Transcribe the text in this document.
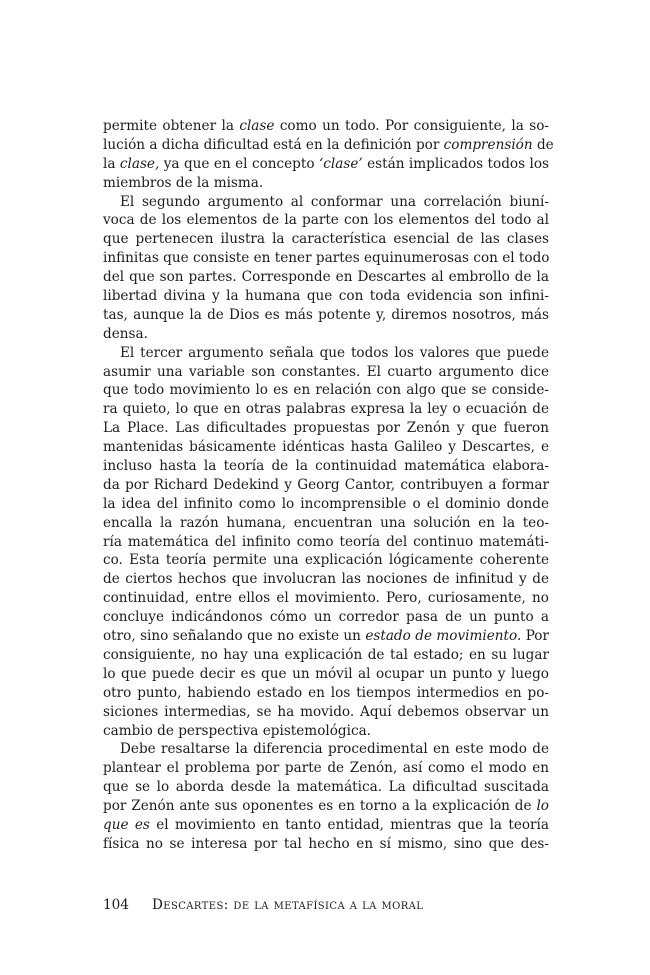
permite obtener la clase como un todo. Por consiguiente, la so-
lución a dicha dificultad está en la definición por comprensión de
la clase, ya que en el concepto ‘clase’ están implicados todos los
miembros de la misma.
El segundo argumento al conformar una correlación biuní-
voca de los elementos de la parte con los elementos del todo al
que pertenecen ilustra la característica esencial de las clases
infinitas que consiste en tener partes equinumerosas con el todo
del que son partes. Corresponde en Descartes al embrollo de la
libertad divina y la humana que con toda evidencia son infini-
tas, aunque la de Dios es más potente y, diremos nosotros, más
densa.
El tercer argumento señala que todos los valores que puede
asumir una variable son constantes. El cuarto argumento dice
que todo movimiento lo es en relación con algo que se conside-
ra quieto, lo que en otras palabras expresa la ley o ecuación de
La Place. Las dificultades propuestas por Zenón y que fueron
mantenidas básicamente idénticas hasta Galileo y Descartes, e
incluso hasta la teoría de la continuidad matemática elabora-
da por Richard Dedekind y Georg Cantor, contribuyen a formar
la idea del infinito como lo incomprensible o el dominio donde
encalla la razón humana, encuentran una solución en la teo-
ría matemática del infinito como teoría del continuo matemáti-
co. Esta teoría permite una explicación lógicamente coherente
de ciertos hechos que involucran las nociones de infinitud y de
continuidad, entre ellos el movimiento. Pero, curiosamente, no
concluye indicándonos cómo un corredor pasa de un punto a
otro, sino señalando que no existe un estado de movimiento. Por
consiguiente, no hay una explicación de tal estado; en su lugar
lo que puede decir es que un móvil al ocupar un punto y luego
otro punto, habiendo estado en los tiempos intermedios en po-
siciones intermedias, se ha movido. Aquí debemos observar un
cambio de perspectiva epistemológica.
Debe resaltarse la diferencia procedimental en este modo de
plantear el problema por parte de Zenón, así como el modo en
que se lo aborda desde la matemática. La dificultad suscitada
por Zenón ante sus oponentes es en torno a la explicación de lo
que es el movimiento en tanto entidad, mientras que la teoría
física no se interesa por tal hecho en sí mismo, sino que des-
104 Descartes: de la metafísica a la moral
